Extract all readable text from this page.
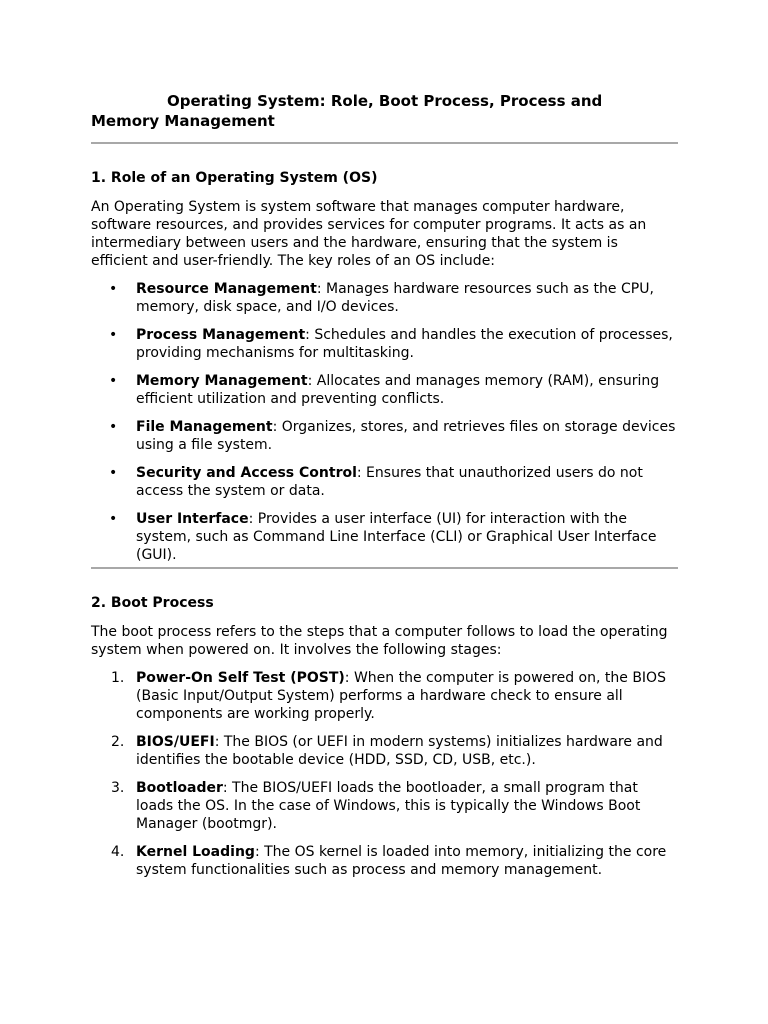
Operating System: Role, Boot Process, Process and Memory Management
1. Role of an Operating System (OS)

An Operating System is system software that manages computer hardware, software resources, and provides services for computer programs. It acts as an intermediary between users and the hardware, ensuring that the system is efficient and user-friendly. The key roles of an OS include:

• Resource Management: Manages hardware resources such as the CPU, memory, disk space, and I/O devices.
• Process Management: Schedules and handles the execution of processes, providing mechanisms for multitasking.
• Memory Management: Allocates and manages memory (RAM), ensuring efficient utilization and preventing conflicts.
• File Management: Organizes, stores, and retrieves files on storage devices using a file system.
• Security and Access Control: Ensures that unauthorized users do not access the system or data.
• User Interface: Provides a user interface (UI) for interaction with the system, such as Command Line Interface (CLI) or Graphical User Interface (GUI).
2. Boot Process

The boot process refers to the steps that a computer follows to load the operating system when powered on. It involves the following stages:

1. Power-On Self Test (POST): When the computer is powered on, the BIOS (Basic Input/Output System) performs a hardware check to ensure all components are working properly.
2. BIOS/UEFI: The BIOS (or UEFI in modern systems) initializes hardware and identifies the bootable device (HDD, SSD, CD, USB, etc.).
3. Bootloader: The BIOS/UEFI loads the bootloader, a small program that loads the OS. In the case of Windows, this is typically the Windows Boot Manager (bootmgr).
4. Kernel Loading: The OS kernel is loaded into memory, initializing the core system functionalities such as process and memory management.
